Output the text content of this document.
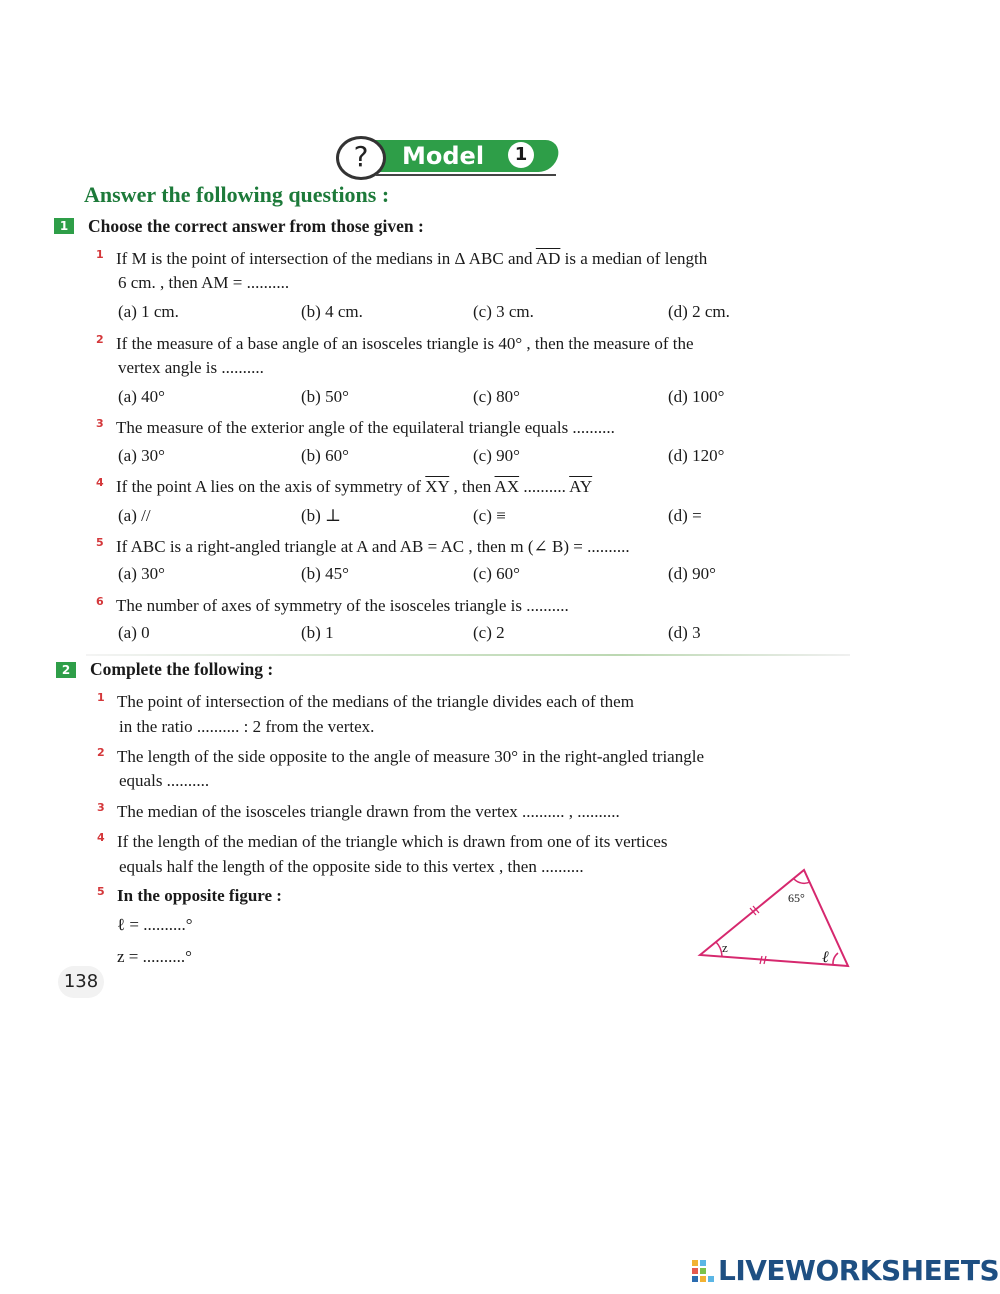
?	Model	1
Answer the following questions :
1	Choose the correct answer from those given :
1 If M is the point of intersection of the medians in Δ ABC and $\overline{AD}$ is a median of length
6 cm. , then AM = ..........
(a) 1 cm.	(b) 4 cm.	(c) 3 cm.	(d) 2 cm.
2 If the measure of a base angle of an isosceles triangle is 40° , then the measure of the
vertex angle is ..........
(a) 40°	(b) 50°	(c) 80°	(d) 100°
3 The measure of the exterior angle of the equilateral triangle equals ..........
(a) 30°	(b) 60°	(c) 90°	(d) 120°
4 If the point A lies on the axis of symmetry of $\overline{XY}$ , then $\overline{AX}$ .......... $\overline{AY}$
(a) //	(b) ⊥	(c) ≡	(d) =
5 If ABC is a right-angled triangle at A and AB = AC , then m (∠ B) = ..........
(a) 30°	(b) 45°	(c) 60°	(d) 90°
6 The number of axes of symmetry of the isosceles triangle is ..........
(a) 0	(b) 1	(c) 2	(d) 3
2	Complete the following :
1 The point of intersection of the medians of the triangle divides each of them
in the ratio .......... : 2 from the vertex.
2 The length of the side opposite to the angle of measure 30° in the right-angled triangle
equals ..........
3 The median of the isosceles triangle drawn from the vertex .......... , ..........
4 If the length of the median of the triangle which is drawn from one of its vertices
equals half the length of the opposite side to this vertex , then ..........
5 In the opposite figure :
ℓ = ..........°
z = ..........°
65°
z
ℓ
138
LIVEWORKSHEETS
